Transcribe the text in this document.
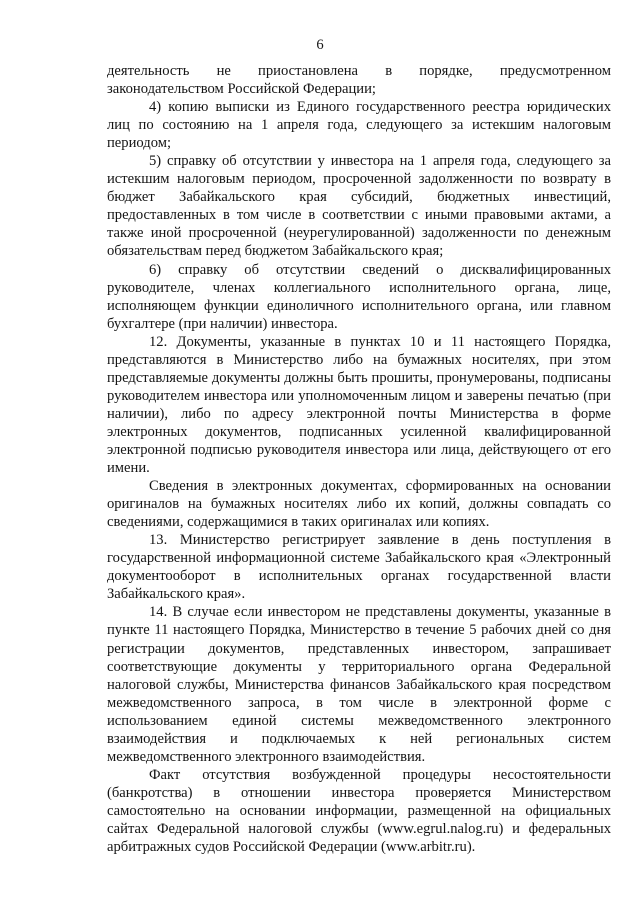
6

деятельность не приостановлена в порядке, предусмотренном законодательством Российской Федерации;

4) копию выписки из Единого государственного реестра юридических лиц по состоянию на 1 апреля года, следующего за истекшим налоговым периодом;

5) справку об отсутствии у инвестора на 1 апреля года, следующего за истекшим налоговым периодом, просроченной задолженности по возврату в бюджет Забайкальского края субсидий, бюджетных инвестиций, предоставленных в том числе в соответствии с иными правовыми актами, а также иной просроченной (неурегулированной) задолженности по денежным обязательствам перед бюджетом Забайкальского края;

6) справку об отсутствии сведений о дисквалифицированных руководителе, членах коллегиального исполнительного органа, лице, исполняющем функции единоличного исполнительного органа, или главном бухгалтере (при наличии) инвестора.

12. Документы, указанные в пунктах 10 и 11 настоящего Порядка, представляются в Министерство либо на бумажных носителях, при этом представляемые документы должны быть прошиты, пронумерованы, подписаны руководителем инвестора или уполномоченным лицом и заверены печатью (при наличии), либо по адресу электронной почты Министерства в форме электронных документов, подписанных усиленной квалифицированной электронной подписью руководителя инвестора или лица, действующего от его имени.

Сведения в электронных документах, сформированных на основании оригиналов на бумажных носителях либо их копий, должны совпадать со сведениями, содержащимися в таких оригиналах или копиях.

13. Министерство регистрирует заявление в день поступления в государственной информационной системе Забайкальского края «Электронный документооборот в исполнительных органах государственной власти Забайкальского края».

14. В случае если инвестором не представлены документы, указанные в пункте 11 настоящего Порядка, Министерство в течение 5 рабочих дней со дня регистрации документов, представленных инвестором, запрашивает соответствующие документы у территориального органа Федеральной налоговой службы, Министерства финансов Забайкальского края посредством межведомственного запроса, в том числе в электронной форме с использованием единой системы межведомственного электронного взаимодействия и подключаемых к ней региональных систем межведомственного электронного взаимодействия.

Факт отсутствия возбужденной процедуры несостоятельности (банкротства) в отношении инвестора проверяется Министерством самостоятельно на основании информации, размещенной на официальных сайтах Федеральной налоговой службы (www.egrul.nalog.ru) и федеральных арбитражных судов Российской Федерации (www.arbitr.ru).
